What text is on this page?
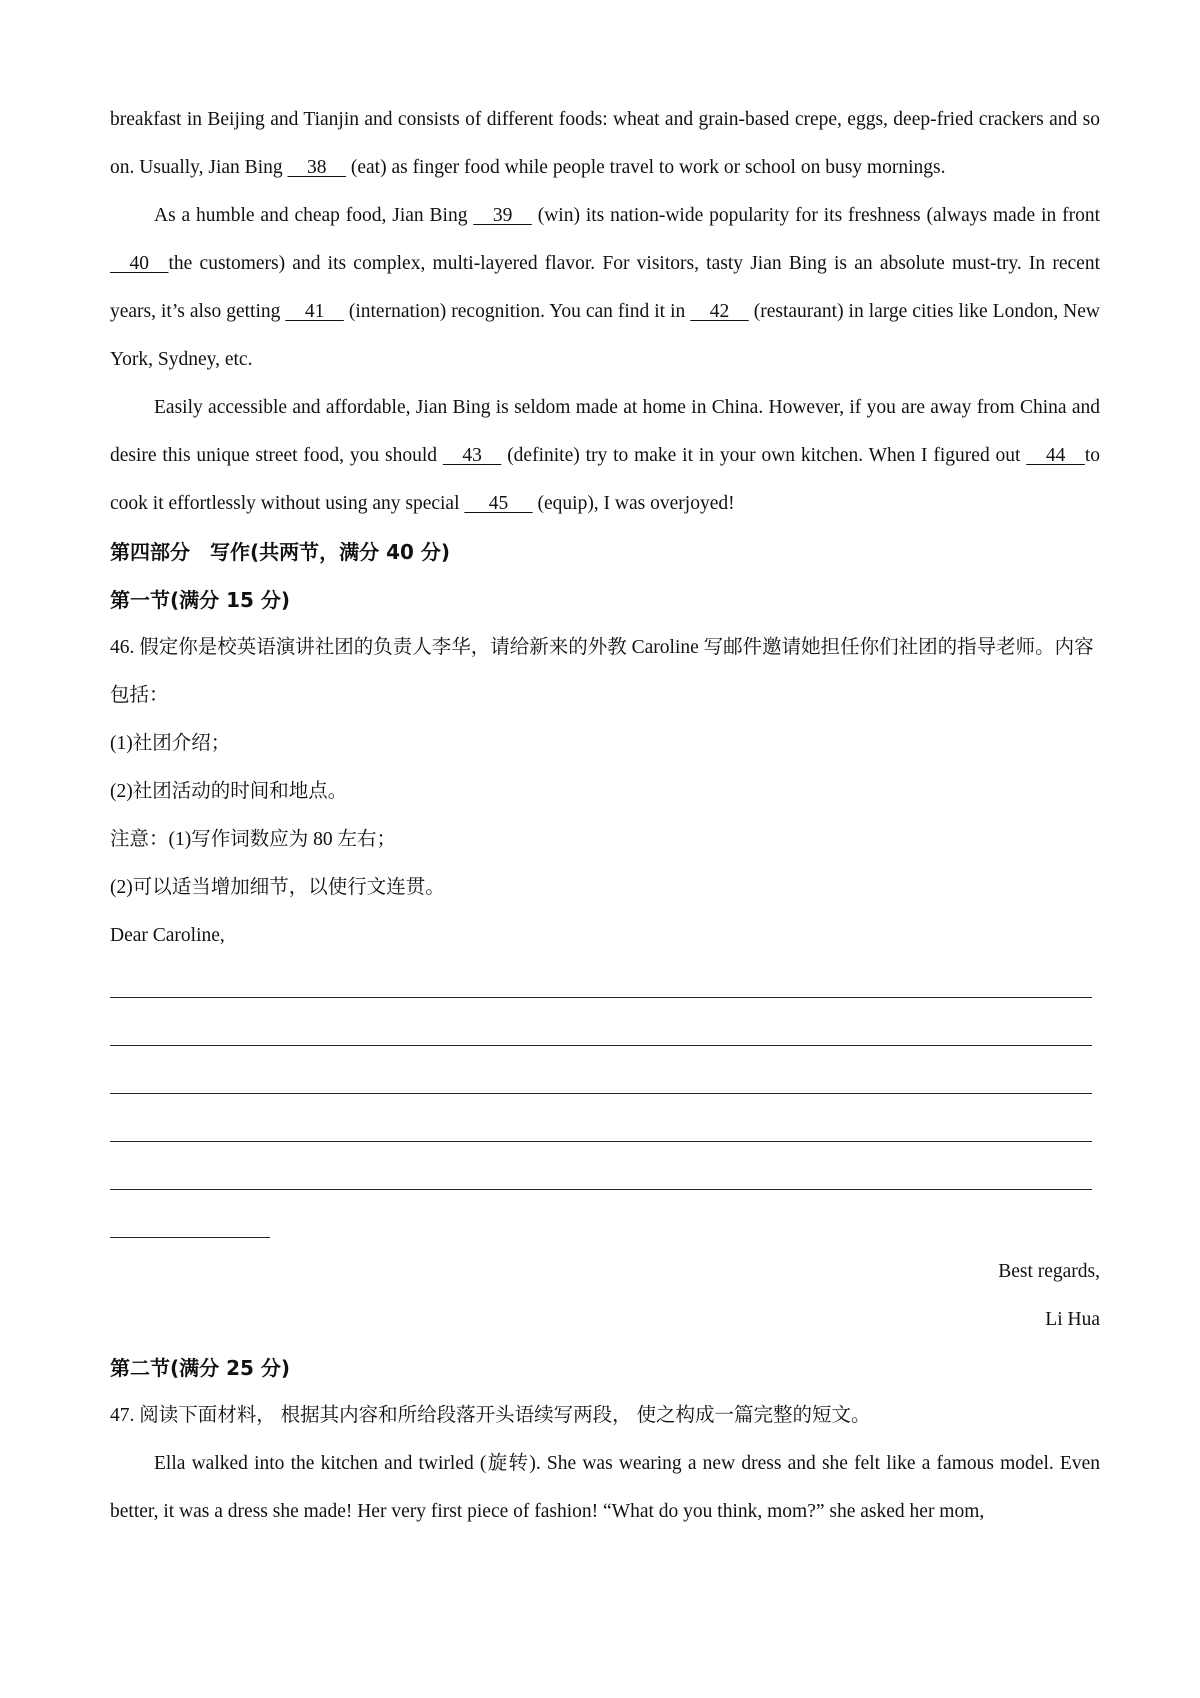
breakfast in Beijing and Tianjin and consists of different foods: wheat and grain-based crepe, eggs, deep-fried crackers and so on. Usually, Jian Bing     38     (eat) as finger food while people travel to work or school on busy mornings.

As a humble and cheap food, Jian Bing     39     (win) its nation-wide popularity for its freshness (always made in front     40    the customers) and its complex, multi-layered flavor. For visitors, tasty Jian Bing is an absolute must-try. In recent years, it’s also getting     41     (internation) recognition. You can find it in     42     (restaurant) in large cities like London, New York, Sydney, etc.

Easily accessible and affordable, Jian Bing is seldom made at home in China. However, if you are away from China and desire this unique street food, you should     43     (definite) try to make it in your own kitchen. When I figured out     44    to cook it effortlessly without using any special      45      (equip), I was overjoyed!

第四部分　写作(共两节，满分 40 分)

第一节(满分 15 分)

46. 假定你是校英语演讲社团的负责人李华，请给新来的外教 Caroline 写邮件邀请她担任你们社团的指导老师。内容包括：

(1)社团介绍；

(2)社团活动的时间和地点。

注意：(1)写作词数应为 80 左右；

(2)可以适当增加细节，以使行文连贯。

Dear Caroline,

Best regards,

Li Hua

第二节(满分 25 分)

47. 阅读下面材料， 根据其内容和所给段落开头语续写两段， 使之构成一篇完整的短文。

Ella walked into the kitchen and twirled (旋转). She was wearing a new dress and she felt like a famous model. Even better, it was a dress she made! Her very first piece of fashion! “What do you think, mom?” she asked her mom,
